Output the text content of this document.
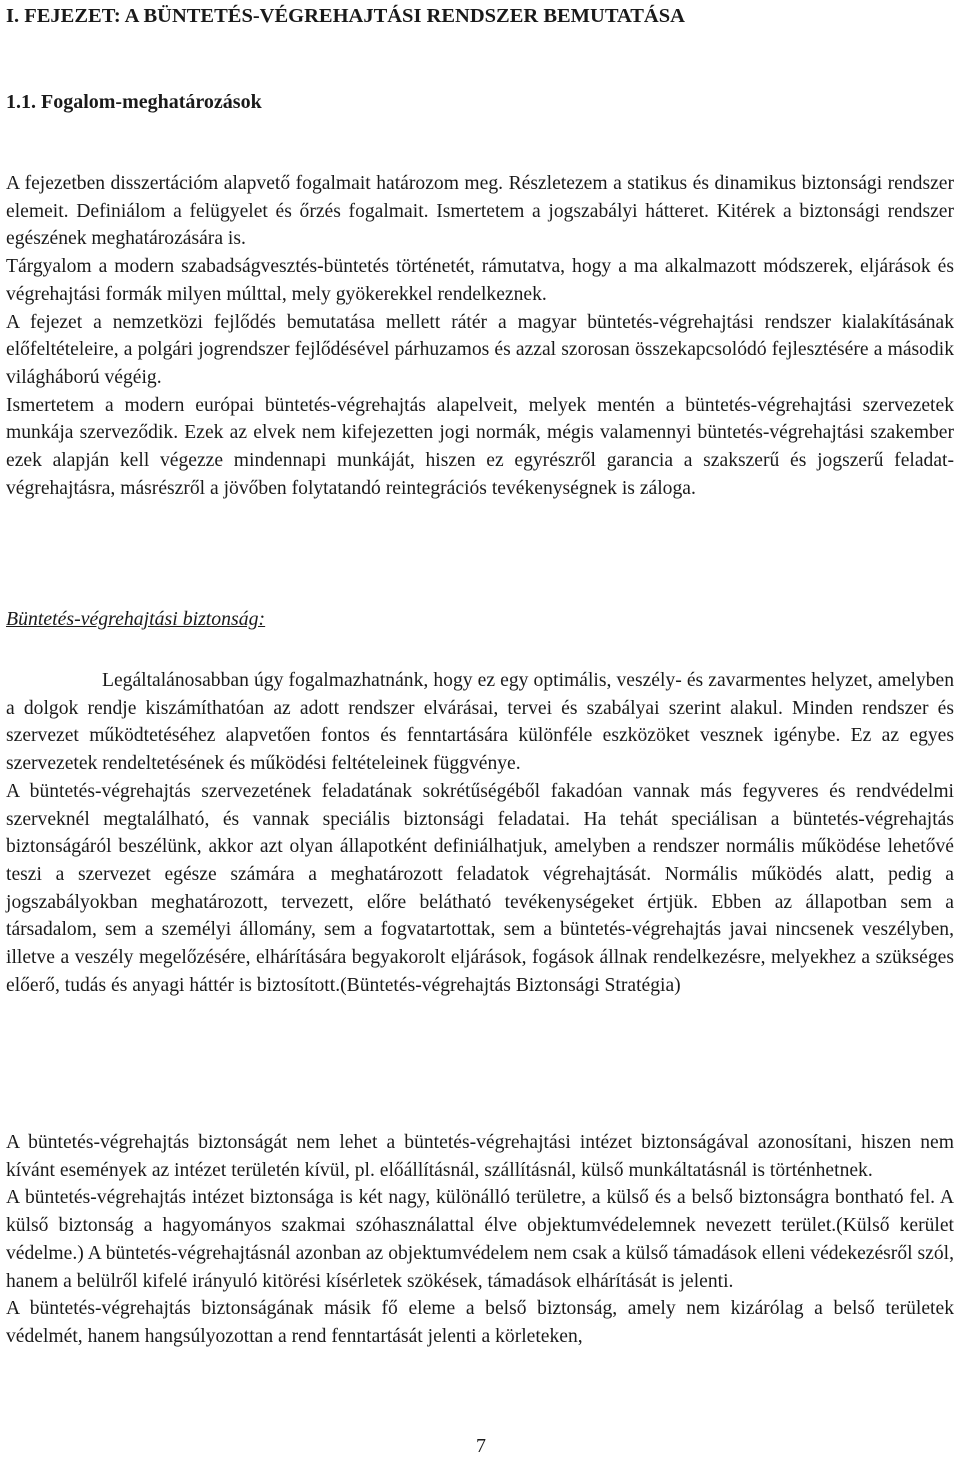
I. FEJEZET: A BÜNTETÉS-VÉGREHAJTÁSI RENDSZER BEMUTATÁSA
1.1. Fogalom-meghatározások

A fejezetben disszertációm alapvető fogalmait határozom meg. Részletezem a statikus és dinamikus biztonsági rendszer elemeit. Definiálom a felügyelet és őrzés fogalmait. Ismertetem a jogszabályi hátteret. Kitérek a biztonsági rendszer egészének meghatározására is.

Tárgyalom a modern szabadságvesztés-büntetés történetét, rámutatva, hogy a ma alkalmazott módszerek, eljárások és végrehajtási formák milyen múlttal, mely gyökerekkel rendelkeznek.

A fejezet a nemzetközi fejlődés bemutatása mellett rátér a magyar büntetés-végrehajtási rendszer kialakításának előfeltételeire, a polgári jogrendszer fejlődésével párhuzamos és azzal szorosan összekapcsolódó fejlesztésére a második világháború végéig.

Ismertetem a modern európai büntetés-végrehajtás alapelveit, melyek mentén a büntetés-végrehajtási szervezetek munkája szerveződik. Ezek az elvek nem kifejezetten jogi normák, mégis valamennyi büntetés-végrehajtási szakember ezek alapján kell végezze mindennapi munkáját, hiszen ez egyrészről garancia a szakszerű és jogszerű feladat-végrehajtásra, másrészről a jövőben folytatandó reintegrációs tevékenységnek is záloga.

Büntetés-végrehajtási biztonság:

Legáltalánosabban úgy fogalmazhatnánk, hogy ez egy optimális, veszély- és zavarmentes helyzet, amelyben a dolgok rendje kiszámíthatóan az adott rendszer elvárásai, tervei és szabályai szerint alakul. Minden rendszer és szervezet működtetéséhez alapvetően fontos és fenntartására különféle eszközöket vesznek igénybe. Ez az egyes szervezetek rendeltetésének és működési feltételeinek függvénye.

A büntetés-végrehajtás szervezetének feladatának sokrétűségéből fakadóan vannak más fegyveres és rendvédelmi szerveknél megtalálható, és vannak speciális biztonsági feladatai. Ha tehát speciálisan a büntetés-végrehajtás biztonságáról beszélünk, akkor azt olyan állapotként definiálhatjuk, amelyben a rendszer normális működése lehetővé teszi a szervezet egésze számára a meghatározott feladatok végrehajtását. Normális működés alatt, pedig a jogszabályokban meghatározott, tervezett, előre belátható tevékenységeket értjük. Ebben az állapotban sem a társadalom, sem a személyi állomány, sem a fogvatartottak, sem a büntetés-végrehajtás javai nincsenek veszélyben, illetve a veszély megelőzésére, elhárítására begyakorolt eljárások, fogások állnak rendelkezésre, melyekhez a szükséges előerő, tudás és anyagi háttér is biztosított.(Büntetés-végrehajtás Biztonsági Stratégia)

A büntetés-végrehajtás biztonságát nem lehet a büntetés-végrehajtási intézet biztonságával azonosítani, hiszen nem kívánt események az intézet területén kívül, pl. előállításnál, szállításnál, külső munkáltatásnál is történhetnek.

A büntetés-végrehajtás intézet biztonsága is két nagy, különálló területre, a külső és a belső biztonságra bontható fel. A külső biztonság a hagyományos szakmai szóhasználattal élve objektumvédelemnek nevezett terület.(Külső kerület védelme.) A büntetés-végrehajtásnál azonban az objektumvédelem nem csak a külső támadások elleni védekezésről szól, hanem a belülről kifelé irányuló kitörési kísérletek szökések, támadások elhárítását is jelenti.

A büntetés-végrehajtás biztonságának másik fő eleme a belső biztonság, amely nem kizárólag a belső területek védelmét, hanem hangsúlyozottan a rend fenntartását jelenti a körleteken,

7
